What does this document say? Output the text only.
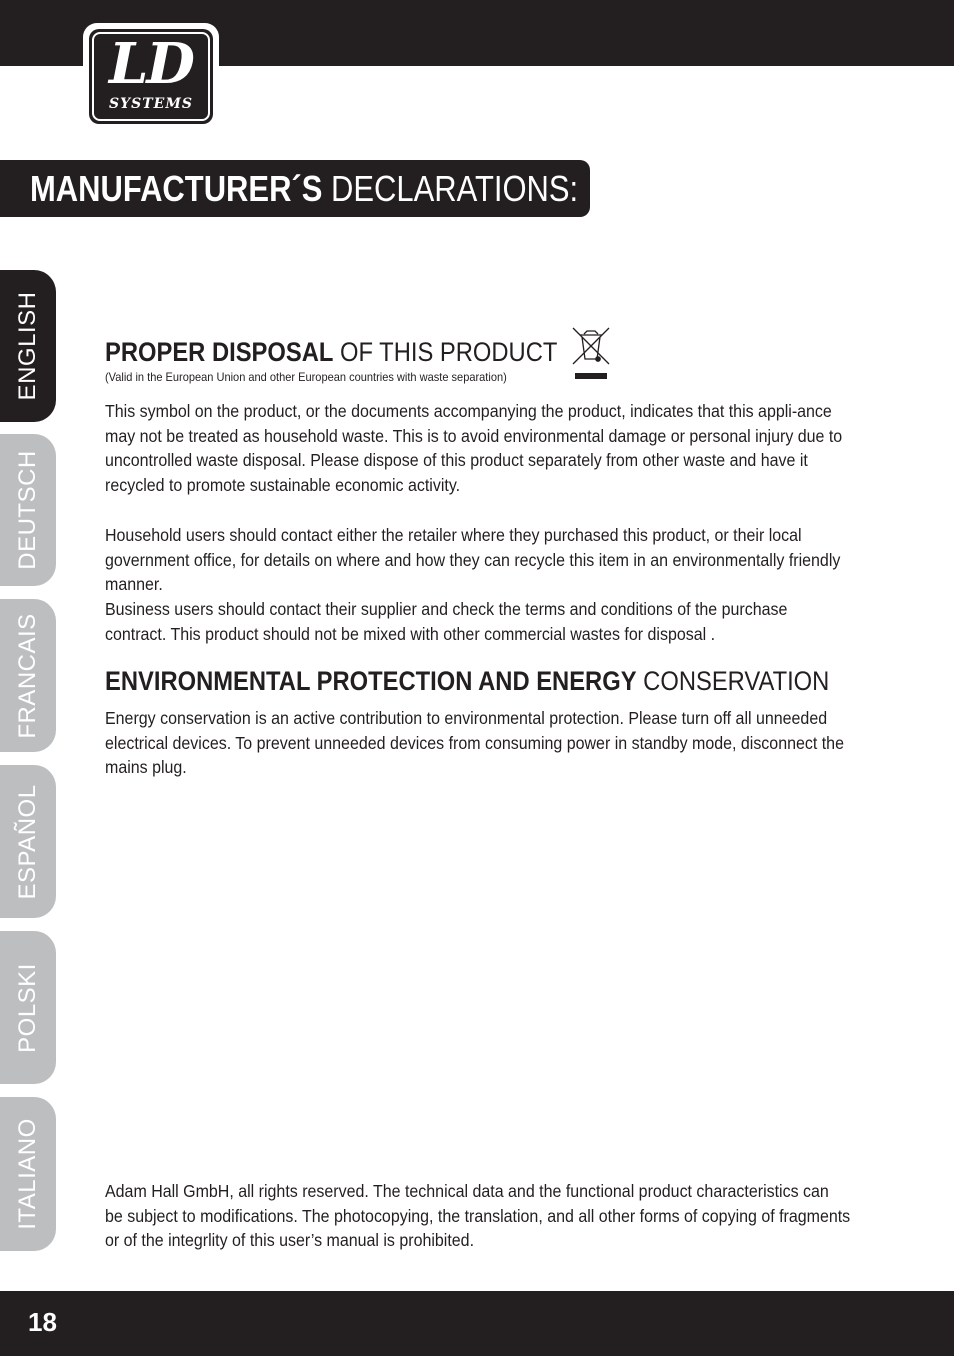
LD
SYSTEMS
MANUFACTURER´S DECLARATIONS:
ENGLISH
DEUTSCH
FRANCAIS
ESPAÑOL
POLSKI
ITALIANO
PROPER DISPOSAL OF THIS PRODUCT
(Valid in the European Union and other European countries with waste separation)

This symbol on the product, or the documents accompanying the product, indicates that this appli-ance may not be treated as household waste. This is to avoid environmental damage or personal injury due to uncontrolled waste disposal. Please dispose of this product separately from other waste and have it recycled to promote sustainable economic activity.

Household users should contact either the retailer where they purchased this product, or their local government office, for details on where and how they can recycle this item in an environmentally friendly manner.

Business users should contact their supplier and check the terms and conditions of the purchase contract. This product should not be mixed with other commercial wastes for disposal .

ENVIRONMENTAL PROTECTION AND ENERGY CONSERVATION

Energy conservation is an active contribution to environmental protection. Please turn off all unneeded electrical devices. To prevent unneeded devices from consuming power in standby mode, disconnect the mains plug.

Adam Hall GmbH, all rights reserved. The technical data and the functional product characteristics can be subject to modifications. The photocopying, the translation, and all other forms of copying of fragments or of the integrlity of this user’s manual is prohibited.

18
